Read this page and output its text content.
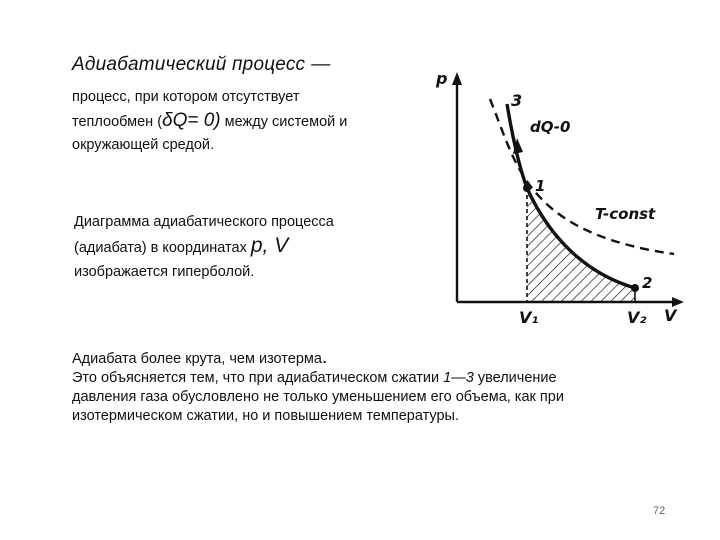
Адиабатический процесс —

процесс, при котором отсутствует
теплообмен (δQ= 0) между системой и
окружающей средой.

Диаграмма адиабатического процесса
(адиабата) в координатах p, V
изображается гиперболой.

p
V
3
1
2
dQ-0
T-const
V₁	V₂

Адиабата более крута, чем изотерма.
Это объясняется тем, что при адиабатическом сжатии 1—3 увеличение
давления газа обусловлено не только уменьшением его объема, как при
изотермическом сжатии, но и повышением температуры.

72
